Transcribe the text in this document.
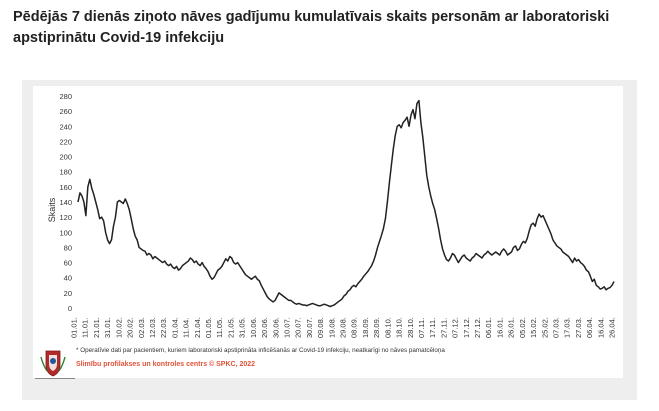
Pēdējās 7 dienās ziņoto nāves gadījumu kumulatīvais skaits personām ar laboratoriski apstiprinātu Covid-19 infekciju
0
20
40
60
80
100
120
140
160
180
200
220
240
260
280
01.01. 11.01. 21.01. 31.01. 10.02. 20.02. 02.03. 12.03. 22.03. 01.04. 11.04. 21.04. 01.05. 11.05. 21.05. 31.05. 10.06. 20.06. 30.06. 10.07. 20.07. 30.07. 09.08. 19.08. 29.08. 08.09. 18.09. 28.09. 08.10. 18.10. 28.10. 07.11. 17.11. 27.11. 07.12. 17.12. 27.12. 06.01. 16.01. 26.01. 05.02. 15.02. 25.02. 07.03. 17.03. 27.03. 06.04. 16.04. 26.04.
Skaits
* Operatīvie dati par pacientiem, kuriem laboratoriski apstiprināta inficēšanās ar Covid-19 infekciju, neatkarīgi no nāves pamatcēloņa
Slimību profilakses un kontroles centrs © SPKC, 2022
